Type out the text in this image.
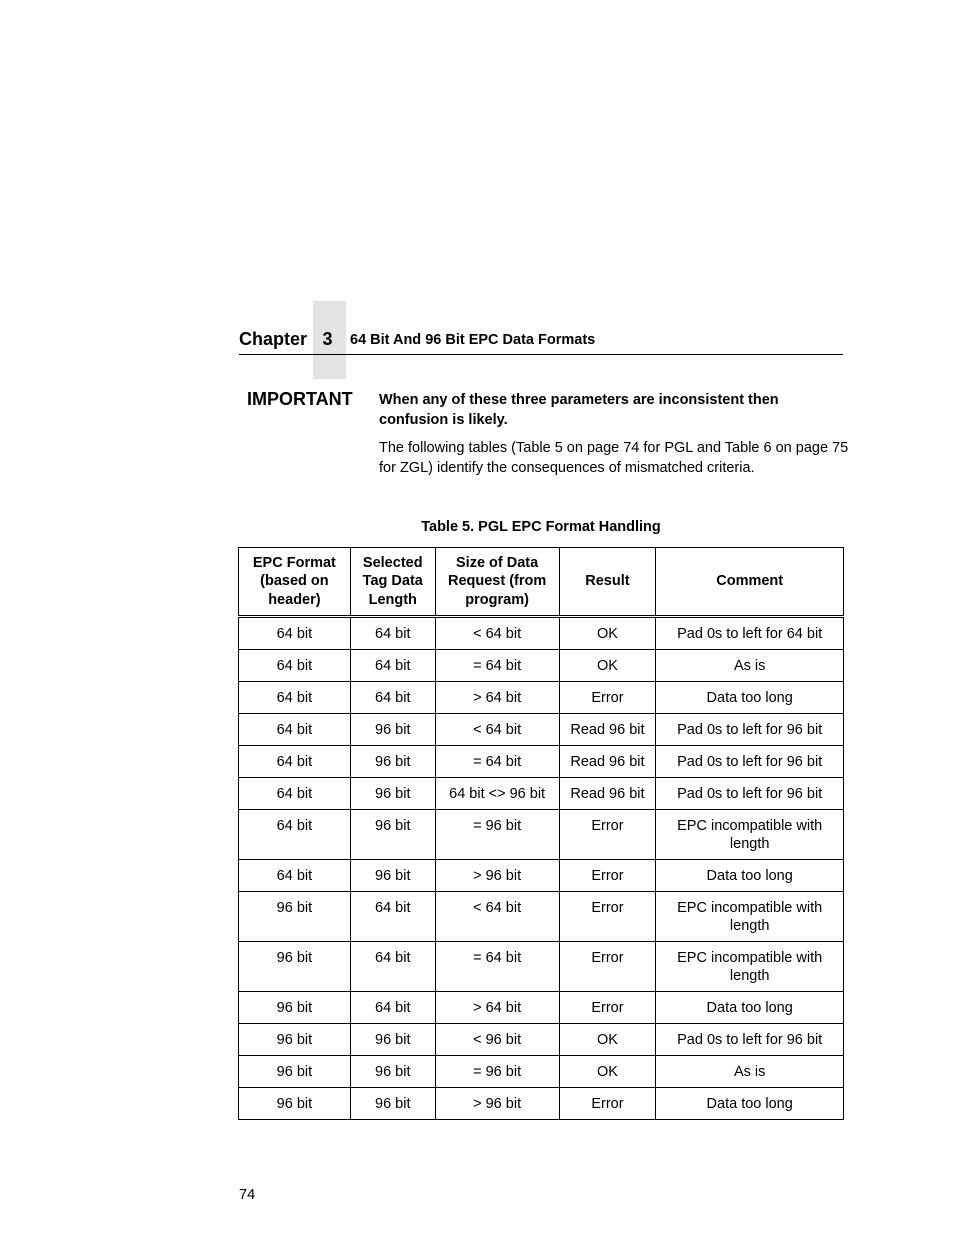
Chapter 3	64 Bit And 96 Bit EPC Data Formats
IMPORTANT When any of these three parameters are inconsistent then confusion is likely.

The following tables (Table 5 on page 74 for PGL and Table 6 on page 75 for ZGL) identify the consequences of mismatched criteria.

Table 5. PGL EPC Format Handling
EPC Format (based on header)	Selected Tag Data Length	Size of Data Request (from program)	Result	Comment
64 bit	64 bit	< 64 bit	OK	Pad 0s to left for 64 bit
64 bit	64 bit	= 64 bit	OK	As is
64 bit	64 bit	> 64 bit	Error	Data too long
64 bit	96 bit	< 64 bit	Read 96 bit	Pad 0s to left for 96 bit
64 bit	96 bit	= 64 bit	Read 96 bit	Pad 0s to left for 96 bit
64 bit	96 bit	64 bit <> 96 bit	Read 96 bit	Pad 0s to left for 96 bit
64 bit	96 bit	= 96 bit	Error	EPC incompatible with length
64 bit	96 bit	> 96 bit	Error	Data too long
96 bit	64 bit	< 64 bit	Error	EPC incompatible with length
96 bit	64 bit	= 64 bit	Error	EPC incompatible with length
96 bit	64 bit	> 64 bit	Error	Data too long
96 bit	96 bit	< 96 bit	OK	Pad 0s to left for 96 bit
96 bit	96 bit	= 96 bit	OK	As is
96 bit	96 bit	> 96 bit	Error	Data too long
74
